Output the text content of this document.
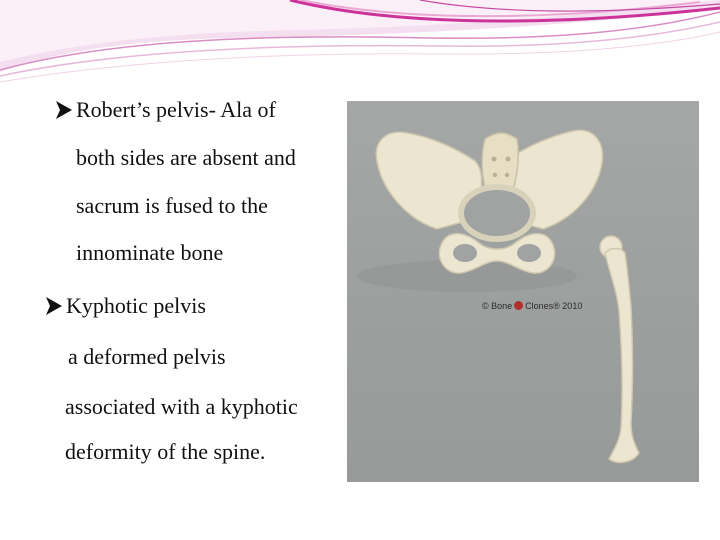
Robert’s pelvis- Ala of
both sides are absent and
sacrum is fused to the
innominate bone
Kyphotic pelvis
a deformed pelvis
associated with a kyphotic
deformity of the spine.
© Bone Clones® 2010
